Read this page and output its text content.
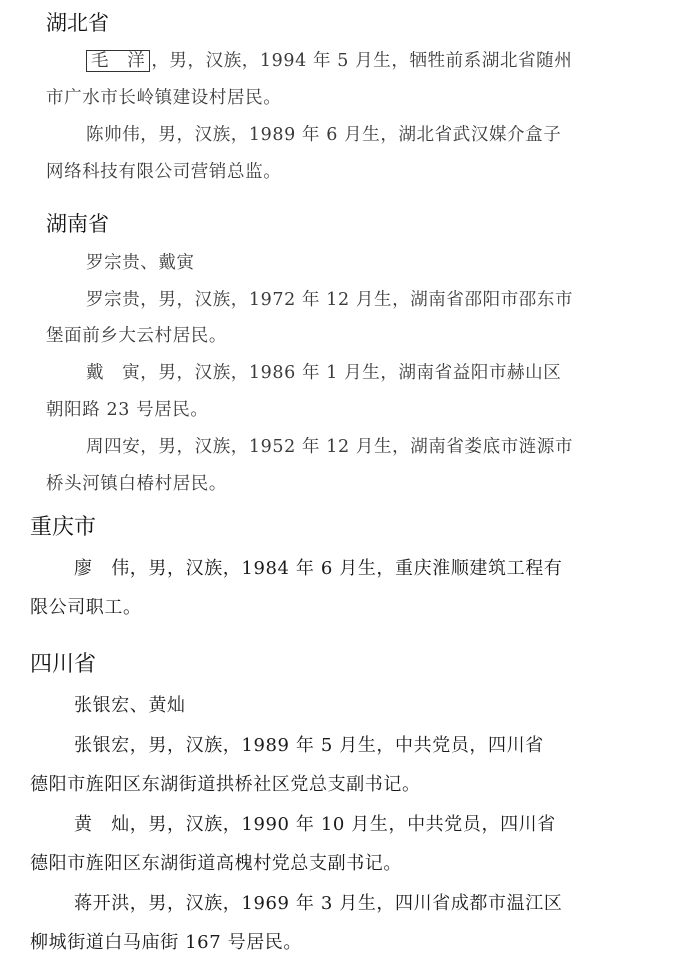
湖北省
毛　洋 ，男，汉族，1994 年 5 月生，牺牲前系湖北省随州
市广水市长岭镇建设村居民。
陈帅伟，男，汉族，1989 年 6 月生，湖北省武汉媒介盒子
网络科技有限公司营销总监。
湖南省
罗宗贵、戴寅
罗宗贵，男，汉族，1972 年 12 月生，湖南省邵阳市邵东市
堡面前乡大云村居民。
戴　寅，男，汉族，1986 年 1 月生，湖南省益阳市赫山区
朝阳路 23 号居民。
周四安，男，汉族，1952 年 12 月生，湖南省娄底市涟源市
桥头河镇白椿村居民。
重庆市
廖　伟，男，汉族，1984 年 6 月生，重庆淮顺建筑工程有
限公司职工。
四川省
张银宏、黄灿
张银宏，男，汉族，1989 年 5 月生，中共党员，四川省
德阳市旌阳区东湖街道拱桥社区党总支副书记。
黄　灿，男，汉族，1990 年 10 月生，中共党员，四川省
德阳市旌阳区东湖街道高槐村党总支副书记。
蒋开洪，男，汉族，1969 年 3 月生，四川省成都市温江区
柳城街道白马庙街 167 号居民。
